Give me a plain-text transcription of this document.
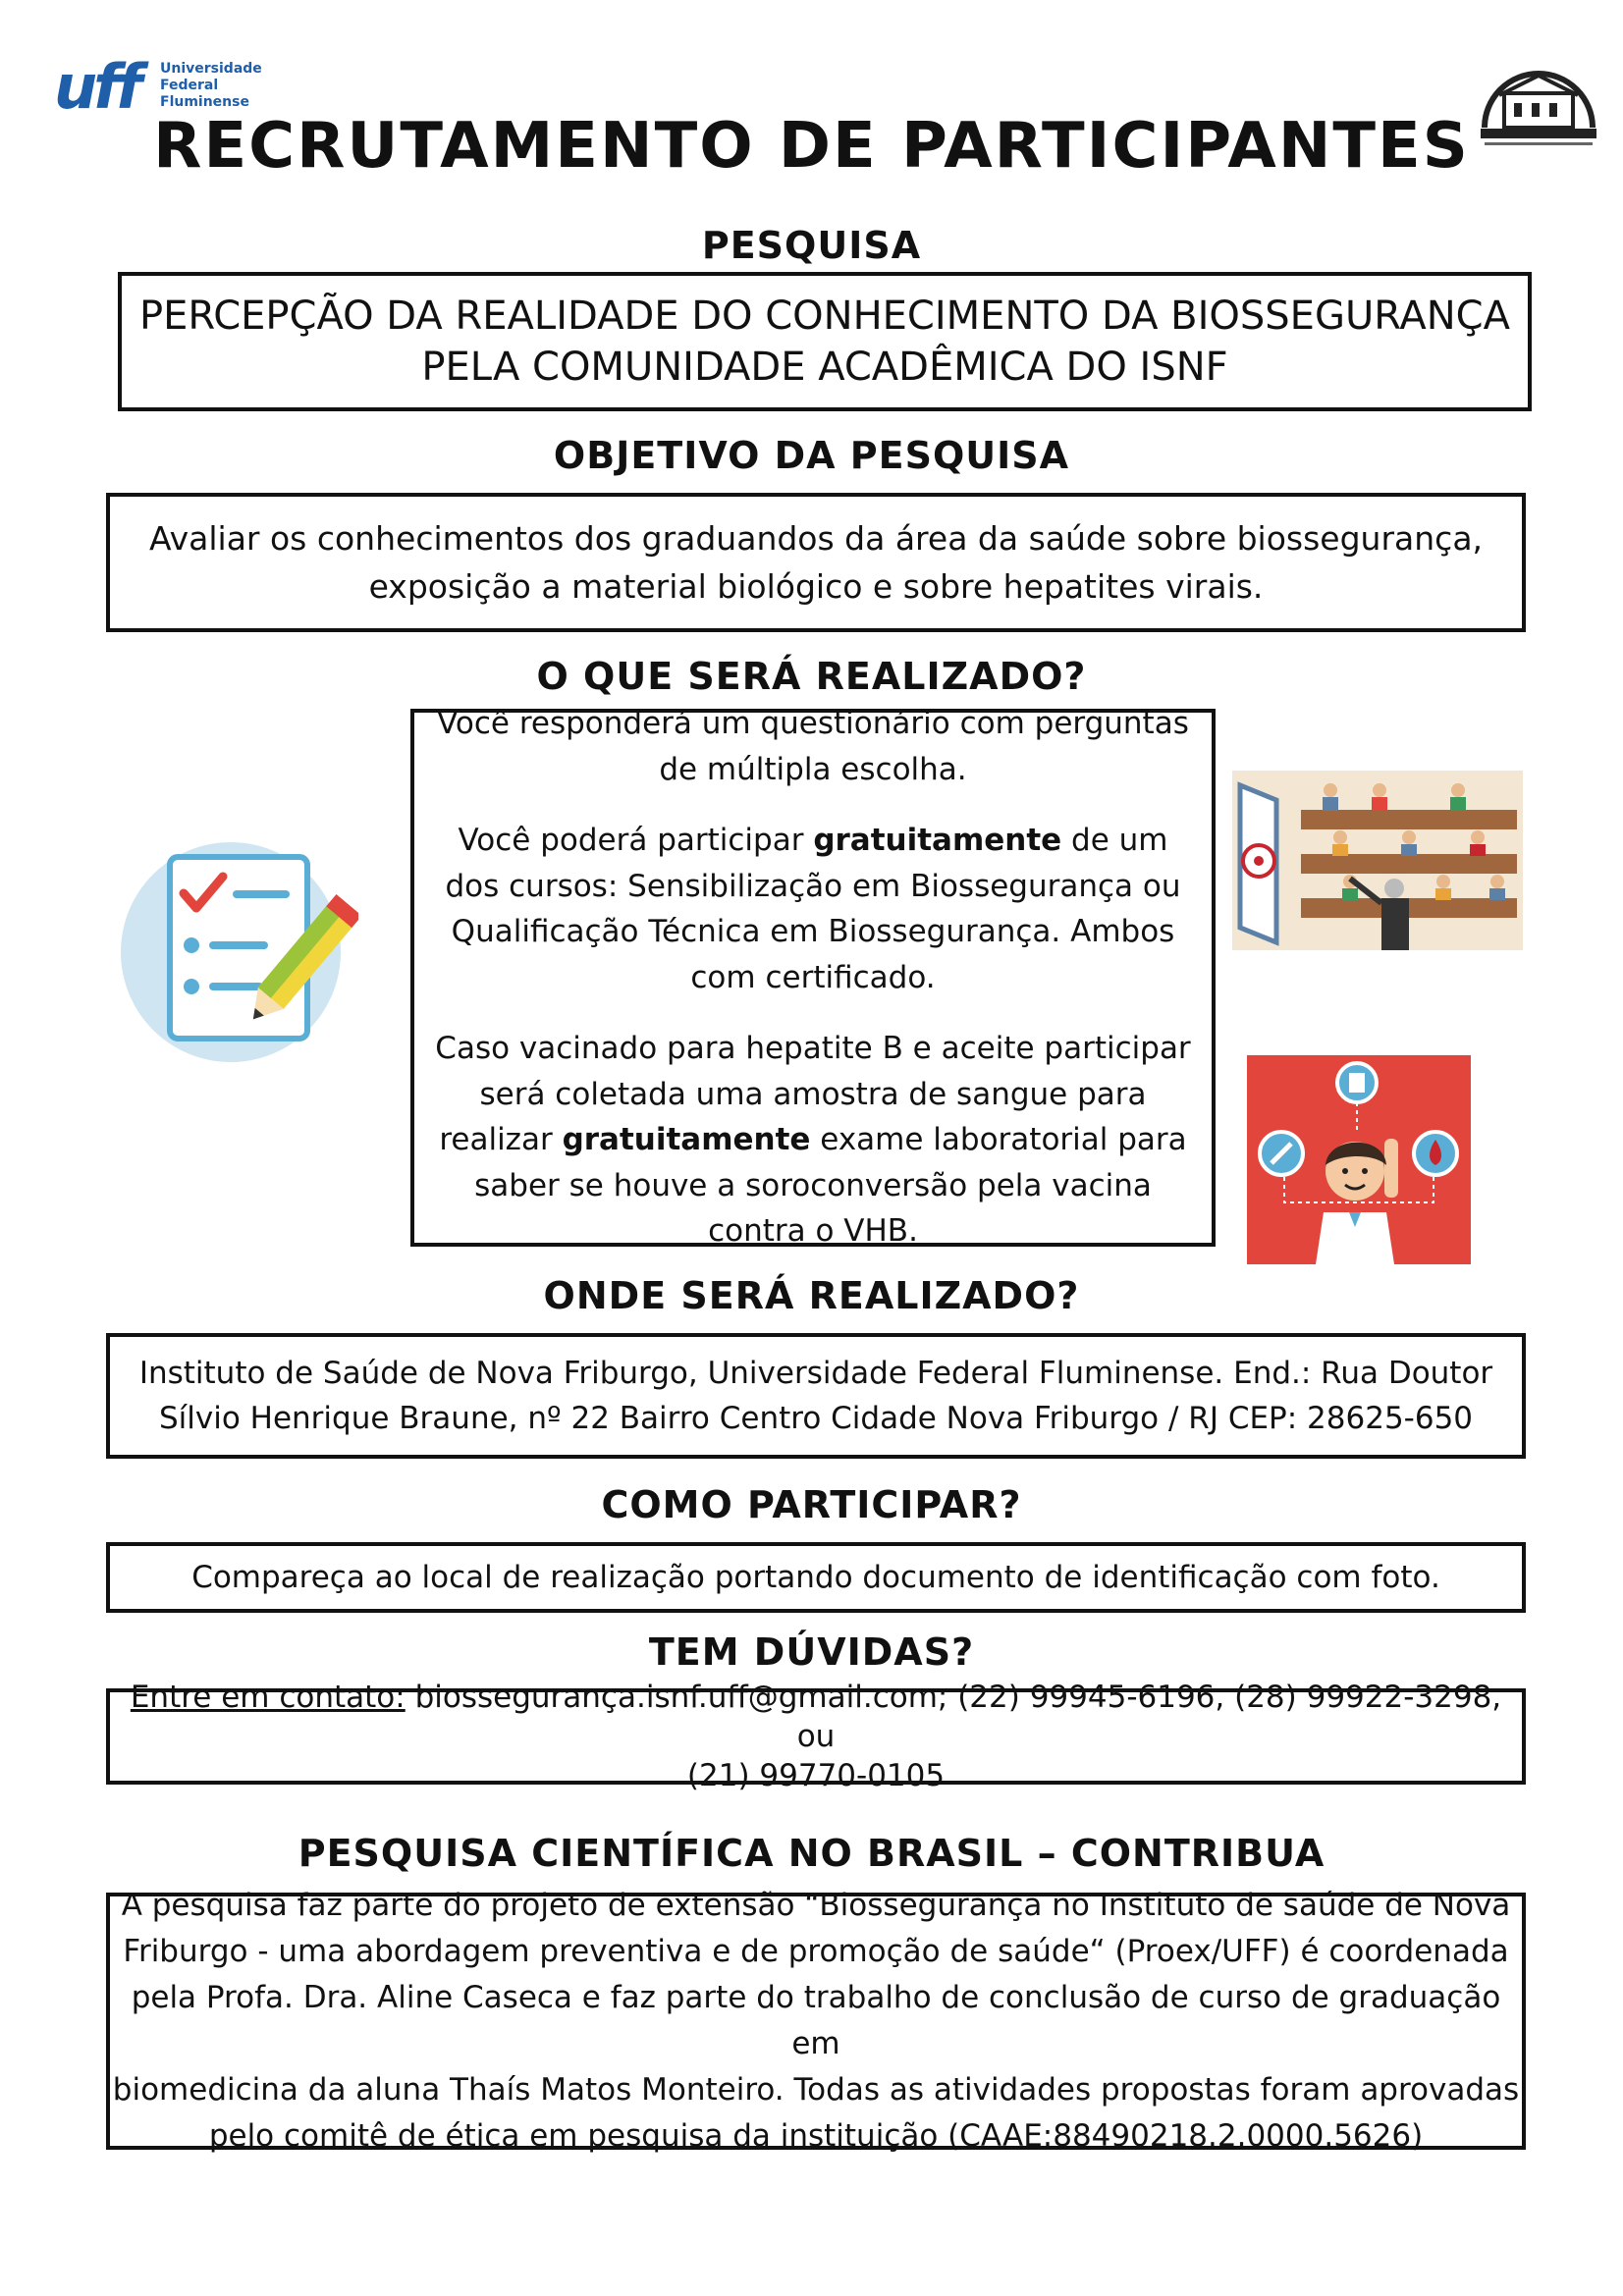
uff Universidade
Federal
Fluminense
RECRUTAMENTO DE PARTICIPANTES
PESQUISA

PERCEPÇÃO DA REALIDADE DO CONHECIMENTO DA BIOSSEGURANÇA

PELA COMUNIDADE ACADÊMICA DO ISNF

OBJETIVO DA PESQUISA

Avaliar os conhecimentos dos graduandos da área da saúde sobre biossegurança,

exposição a material biológico e sobre hepatites virais.

O QUE SERÁ REALIZADO?

Você responderá um questionário com perguntas de múltipla escolha.

Você poderá participar gratuitamente de um dos cursos: Sensibilização em Biossegurança ou Qualificação Técnica em Biossegurança. Ambos com certificado.

Caso vacinado para hepatite B e aceite participar será coletada uma amostra de sangue para realizar gratuitamente exame laboratorial para saber se houve a soroconversão pela vacina contra o VHB.

ONDE SERÁ REALIZADO?

Instituto de Saúde de Nova Friburgo, Universidade Federal Fluminense. End.: Rua Doutor

Sílvio Henrique Braune, nº 22 Bairro Centro Cidade Nova Friburgo / RJ CEP: 28625-650

COMO PARTICIPAR?

Compareça ao local de realização portando documento de identificação com foto.

TEM DÚVIDAS?

Entre em contato: biossegurança.isnf.uff@gmail.com; (22) 99945-6196, (28) 99922-3298, ou

(21) 99770-0105

PESQUISA CIENTÍFICA NO BRASIL – CONTRIBUA

A pesquisa faz parte do projeto de extensão “Biossegurança no Instituto de saúde de Nova

Friburgo - uma abordagem preventiva e de promoção de saúde“ (Proex/UFF) é coordenada

pela Profa. Dra. Aline Caseca e faz parte do trabalho de conclusão de curso de graduação em

biomedicina da aluna Thaís Matos Monteiro. Todas as atividades propostas foram aprovadas

pelo comitê de ética em pesquisa da instituição (CAAE:88490218.2.0000.5626)
